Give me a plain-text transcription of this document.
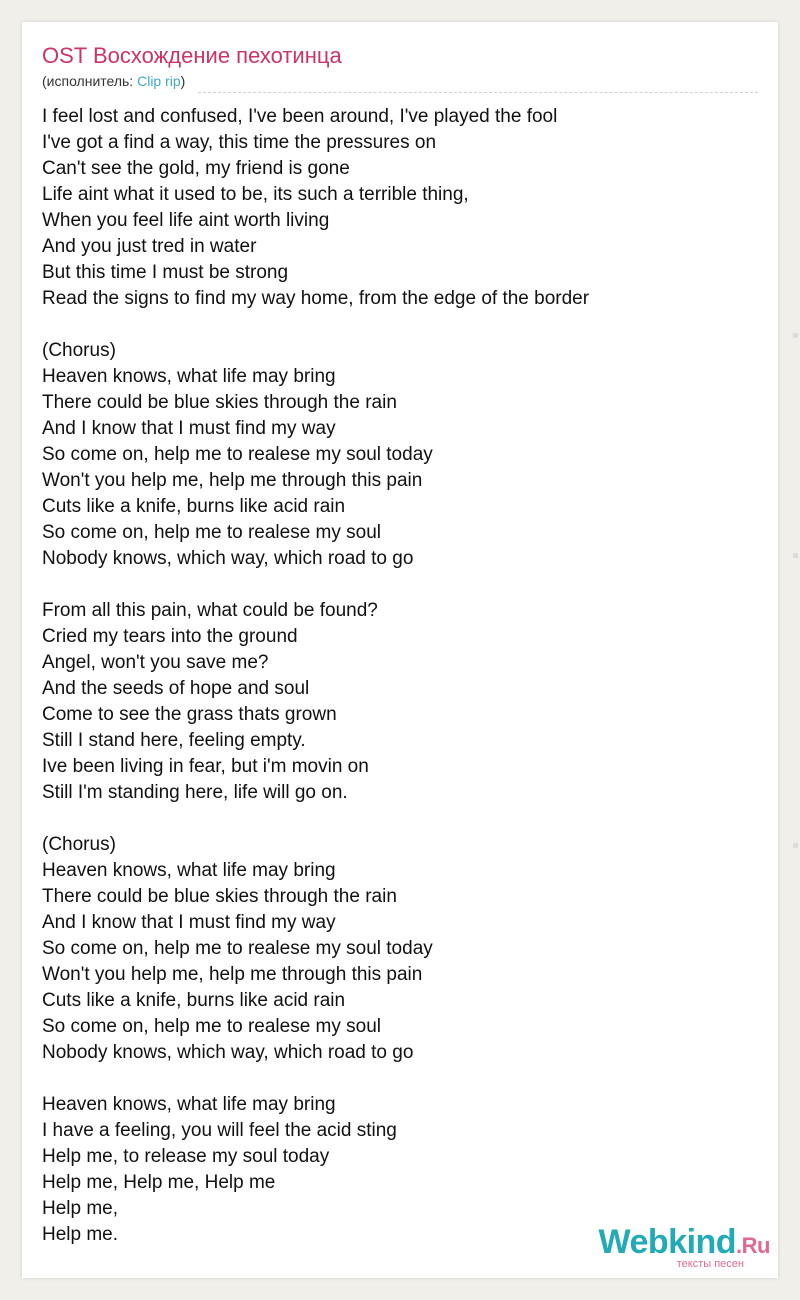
OST Восхождение пехотинца
(исполнитель: Clip rip)
I feel lost and confused, I've been around, I've played the fool
I've got a find a way, this time the pressures on
Can't see the gold, my friend is gone
Life aint what it used to be, its such a terrible thing,
When you feel life aint worth living
And you just tred in water
But this time I must be strong
Read the signs to find my way home, from the edge of the border
(Chorus)
Heaven knows, what life may bring
There could be blue skies through the rain
And I know that I must find my way
So come on, help me to realese my soul today
Won't you help me, help me through this pain
Cuts like a knife, burns like acid rain
So come on, help me to realese my soul
Nobody knows, which way, which road to go
From all this pain, what could be found?
Cried my tears into the ground
Angel, won't you save me?
And the seeds of hope and soul
Come to see the grass thats grown
Still I stand here, feeling empty.
Ive been living in fear, but i'm movin on
Still I'm standing here, life will go on.
(Chorus)
Heaven knows, what life may bring
There could be blue skies through the rain
And I know that I must find my way
So come on, help me to realese my soul today
Won't you help me, help me through this pain
Cuts like a knife, burns like acid rain
So come on, help me to realese my soul
Nobody knows, which way, which road to go
Heaven knows, what life may bring
I have a feeling, you will feel the acid sting
Help me, to release my soul today
Help me, Help me, Help me
Help me,
Help me.	Webkind.Ru
тексты песен
